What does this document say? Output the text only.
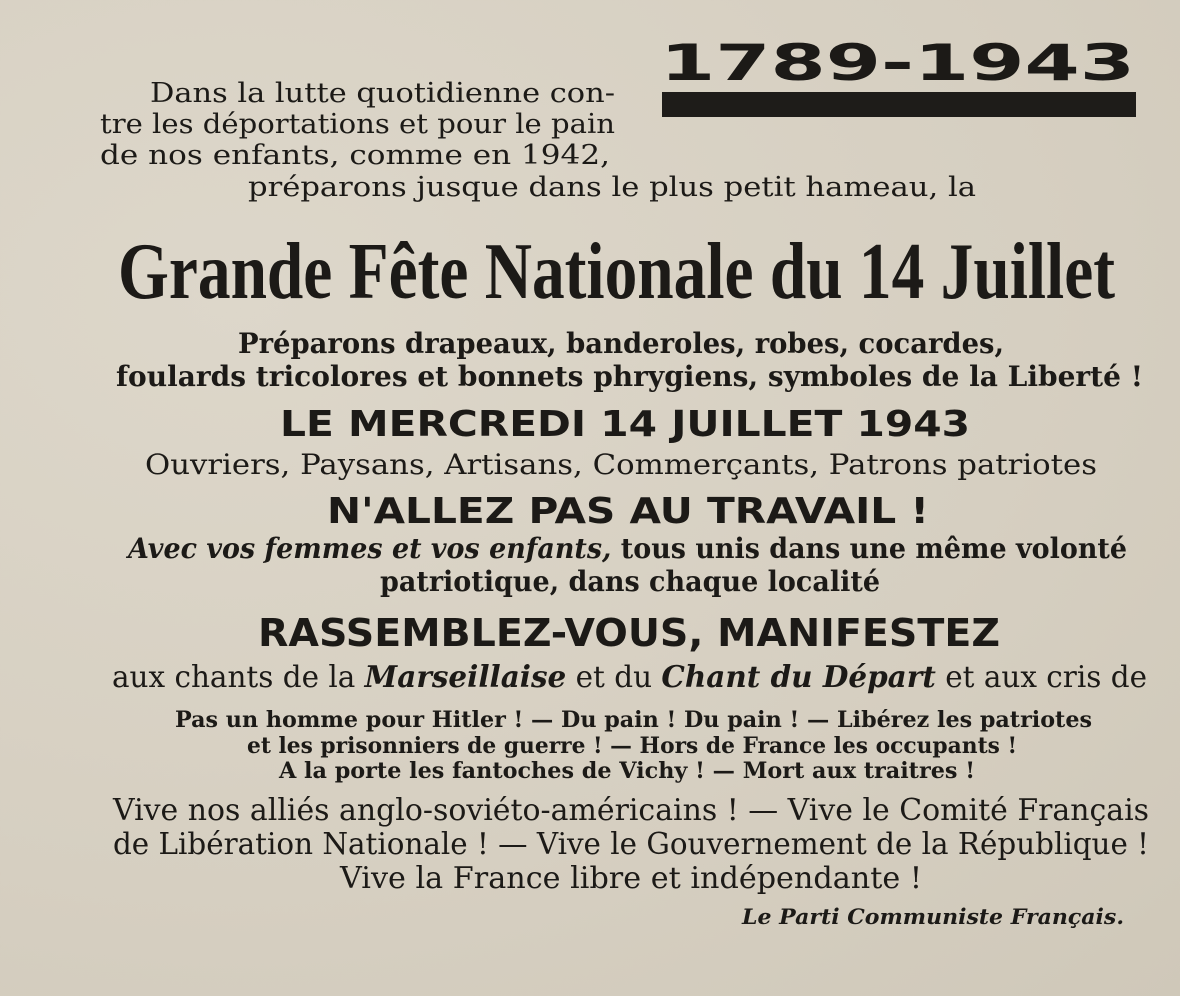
1789-1943
Dans la lutte quotidienne con-
tre les déportations et pour le pain
de nos enfants, comme en 1942,
préparons jusque dans le plus petit hameau, la
Grande Fête Nationale du 14 Juillet
Préparons drapeaux, banderoles, robes, cocardes,
foulards tricolores et bonnets phrygiens, symboles de la Liberté !
LE MERCREDI 14 JUILLET 1943
Ouvriers, Paysans, Artisans, Commerçants, Patrons patriotes
N'ALLEZ PAS AU TRAVAIL !
Avec vos femmes et vos enfants, tous unis dans une même volonté
patriotique, dans chaque localité
RASSEMBLEZ-VOUS, MANIFESTEZ
aux chants de la Marseillaise et du Chant du Départ et aux cris de
Pas un homme pour Hitler ! — Du pain ! Du pain ! — Libérez les patriotes
et les prisonniers de guerre ! — Hors de France les occupants !
A la porte les fantoches de Vichy ! — Mort aux traitres !
Vive nos alliés anglo-soviéto-américains ! — Vive le Comité Français
de Libération Nationale ! — Vive le Gouvernement de la République !
Vive la France libre et indépendante !
Le Parti Communiste Français.
